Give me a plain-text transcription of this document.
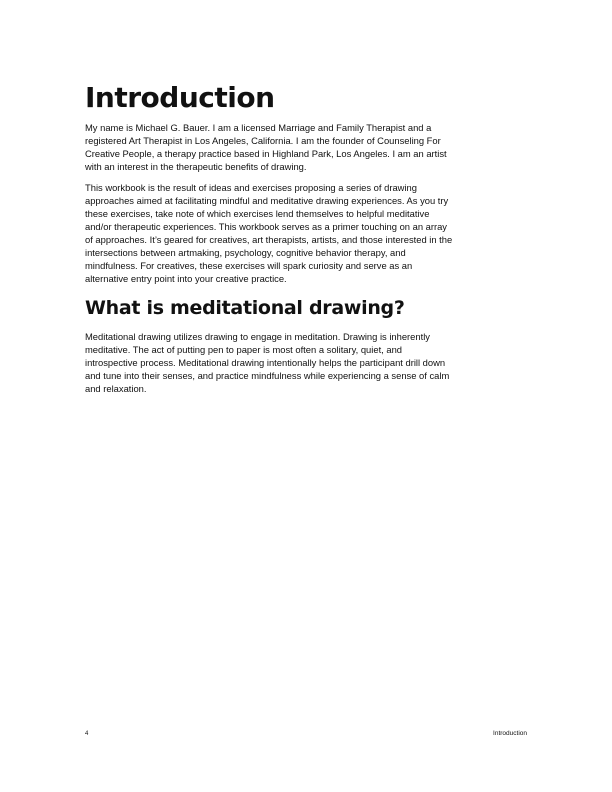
Introduction

My name is Michael G. Bauer. I am a licensed Marriage and Family Therapist and a registered Art Therapist in Los Angeles, California. I am the founder of Counseling For Creative People, a therapy practice based in Highland Park, Los Angeles. I am an artist with an interest in the therapeutic benefits of drawing.

This workbook is the result of ideas and exercises proposing a series of drawing approaches aimed at facilitating mindful and meditative drawing experiences. As you try these exercises, take note of which exercises lend themselves to helpful meditative and/or therapeutic experiences. This workbook serves as a primer touching on an array of approaches. It’s geared for creatives, art therapists, artists, and those interested in the intersections between artmaking, psychology, cognitive behavior therapy, and mindfulness. For creatives, these exercises will spark curiosity and serve as an alternative entry point into your creative practice.

What is meditational drawing?

Meditational drawing utilizes drawing to engage in meditation. Drawing is inherently meditative. The act of putting pen to paper is most often a solitary, quiet, and introspective process. Meditational drawing intentionally helps the participant drill down and tune into their senses, and practice mindfulness while experiencing a sense of calm and relaxation.

4	Introduction
